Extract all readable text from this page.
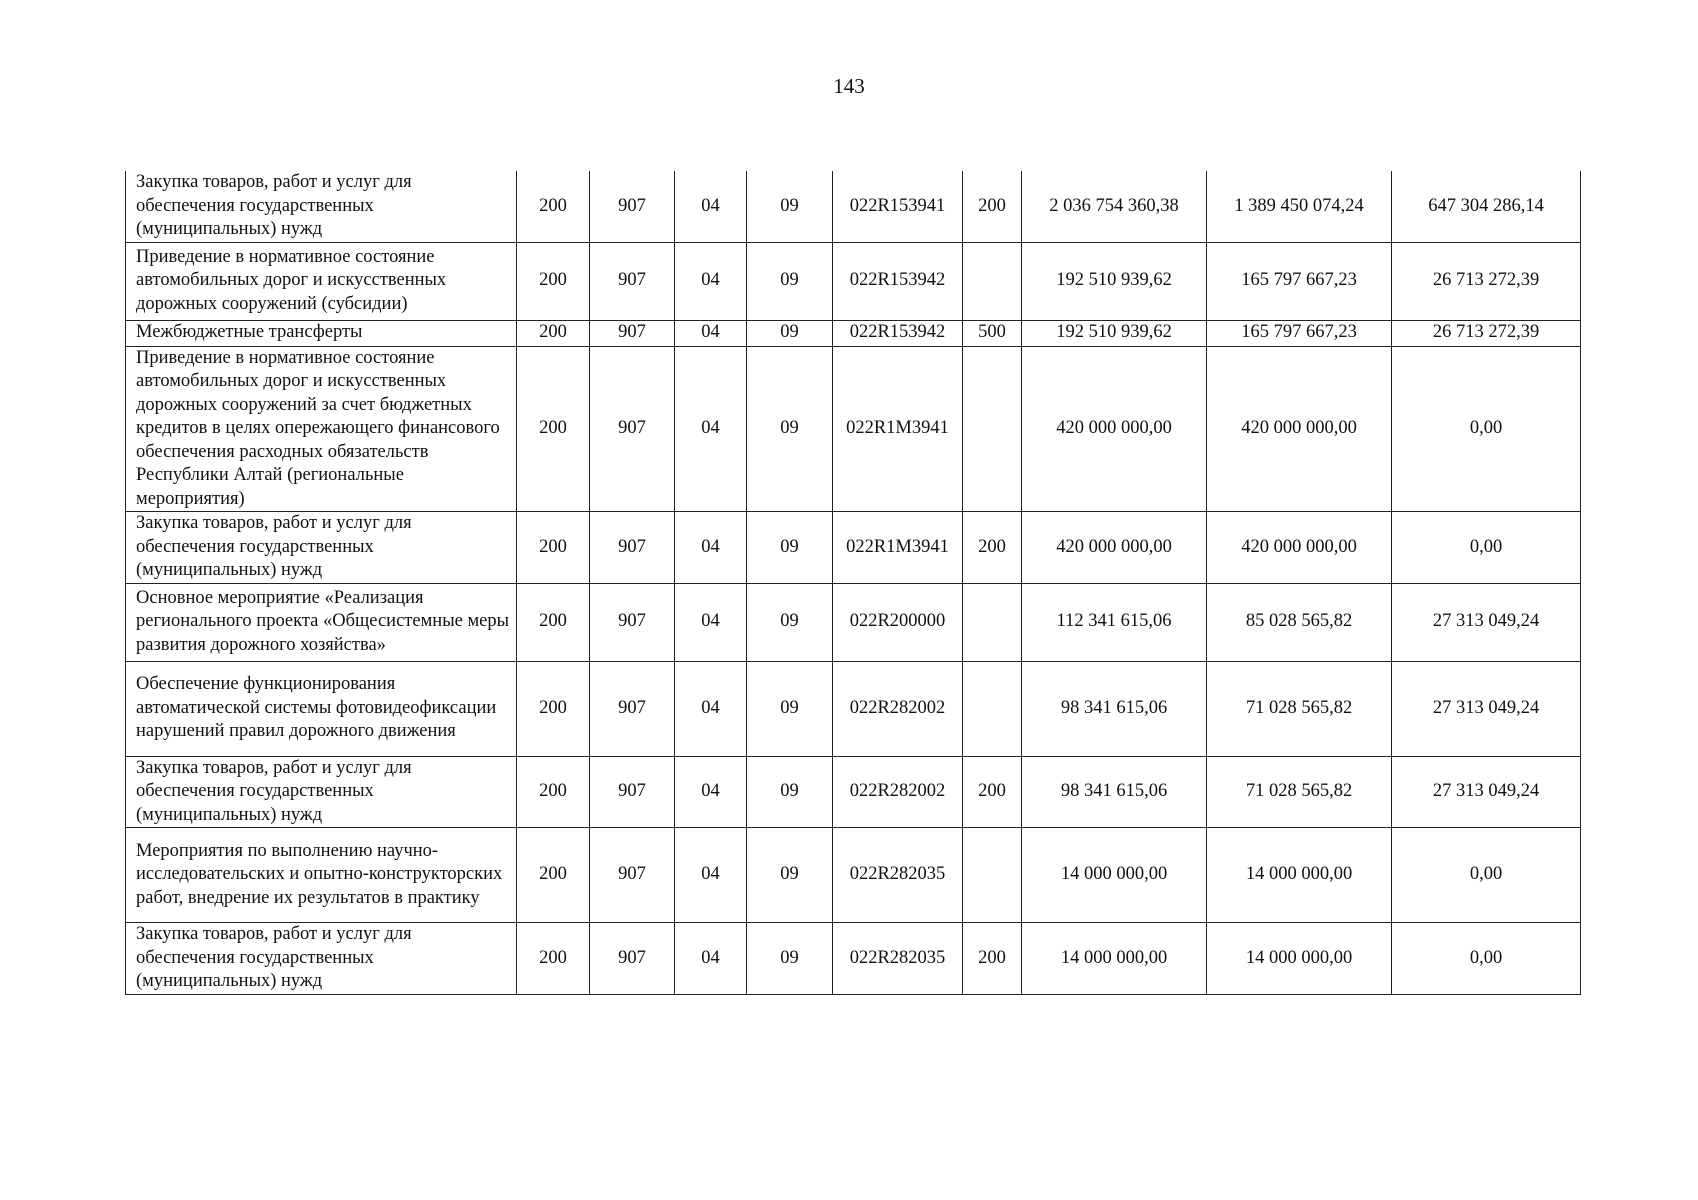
143
Закупка товаров, работ и услуг для обеспечения государственных (муниципальных) нужд	200	907	04	09	022R153941	200	2 036 754 360,38	1 389 450 074,24	647 304 286,14
Приведение в нормативное состояние автомобильных дорог и искусственных дорожных сооружений (субсидии)	200	907	04	09	022R153942		192 510 939,62	165 797 667,23	26 713 272,39
Межбюджетные трансферты	200	907	04	09	022R153942	500	192 510 939,62	165 797 667,23	26 713 272,39
Приведение в нормативное состояние автомобильных дорог и искусственных дорожных сооружений за счет бюджетных кредитов в целях опережающего финансового обеспечения расходных обязательств Республики Алтай (региональные мероприятия)	200	907	04	09	022R1M3941		420 000 000,00	420 000 000,00	0,00
Закупка товаров, работ и услуг для обеспечения государственных (муниципальных) нужд	200	907	04	09	022R1M3941	200	420 000 000,00	420 000 000,00	0,00
Основное мероприятие «Реализация регионального проекта «Общесистемные меры развития дорожного хозяйства»	200	907	04	09	022R200000		112 341 615,06	85 028 565,82	27 313 049,24
Обеспечение функционирования автоматической системы фотовидеофиксации нарушений правил дорожного движения	200	907	04	09	022R282002		98 341 615,06	71 028 565,82	27 313 049,24
Закупка товаров, работ и услуг для обеспечения государственных (муниципальных) нужд	200	907	04	09	022R282002	200	98 341 615,06	71 028 565,82	27 313 049,24
Мероприятия по выполнению научно-исследовательских и опытно-конструкторских работ, внедрение их результатов в практику	200	907	04	09	022R282035		14 000 000,00	14 000 000,00	0,00
Закупка товаров, работ и услуг для обеспечения государственных (муниципальных) нужд	200	907	04	09	022R282035	200	14 000 000,00	14 000 000,00	0,00
